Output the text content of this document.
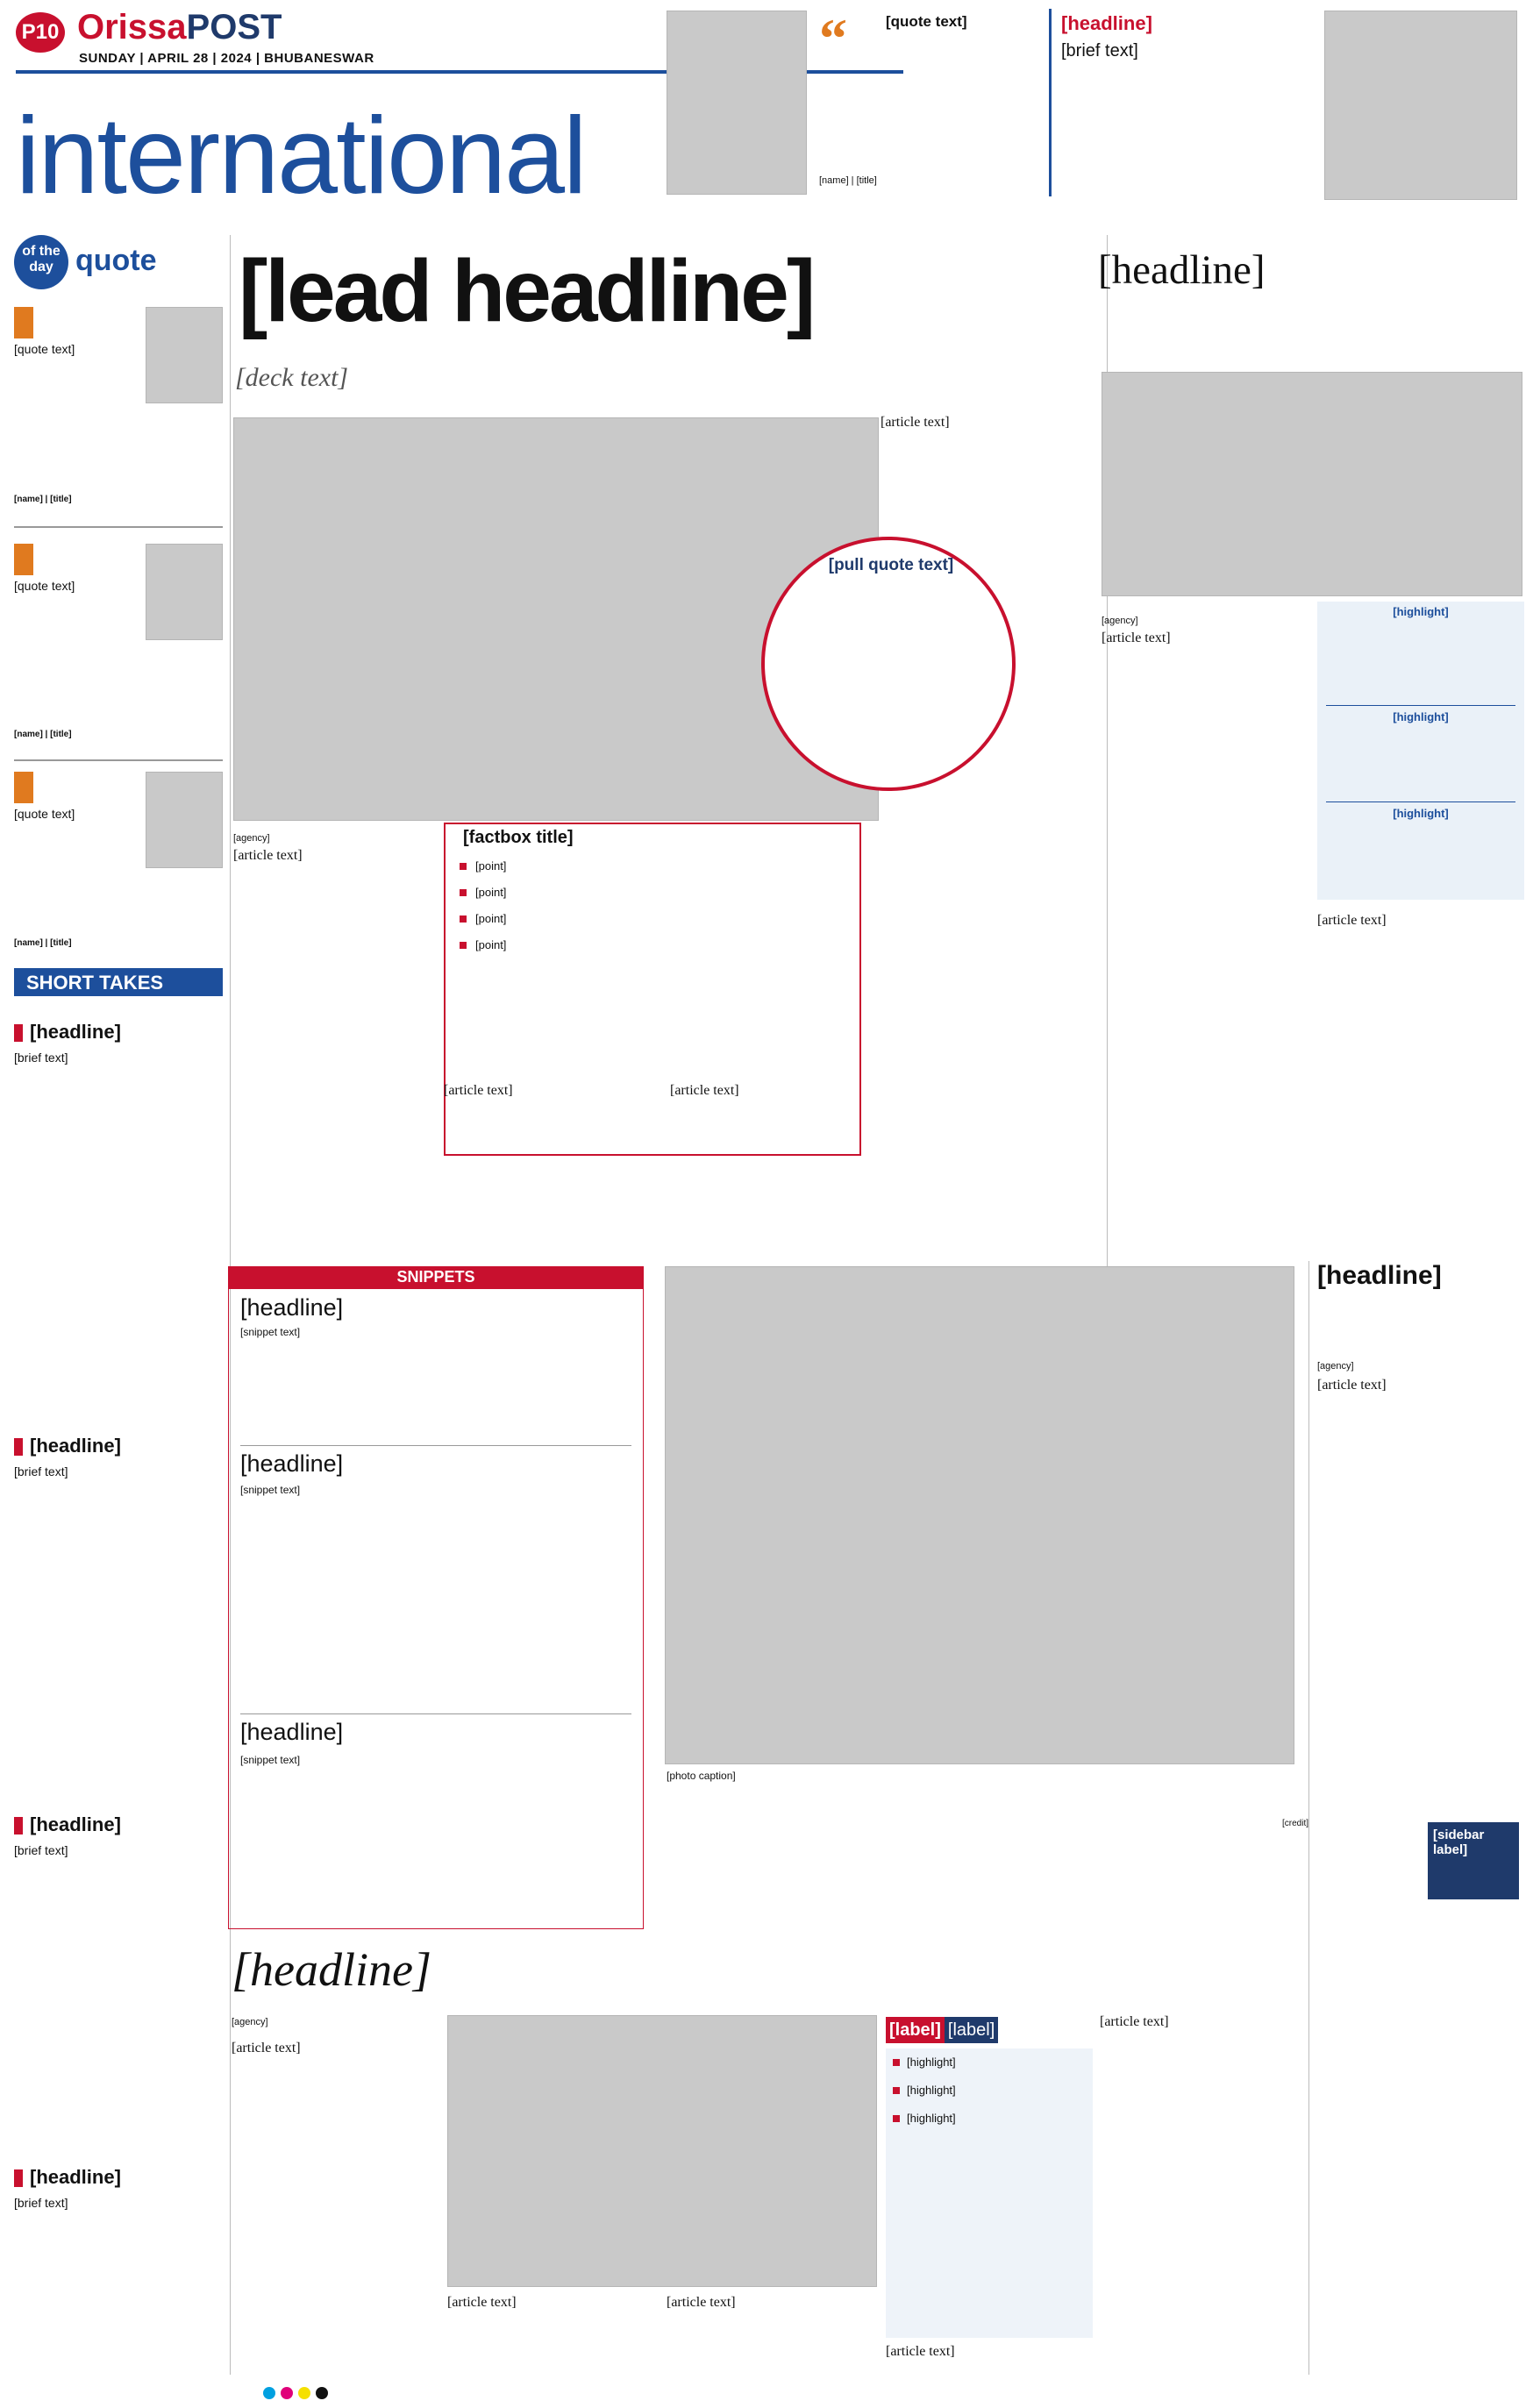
P10 OrissaPOST
SUNDAY | APRIL 28 | 2024 | BHUBANESWAR
international
“	[quote text]
[name] | [title]
[headline]
[brief text]
of the
day quote
[quote text]
[name] | [title]
[quote text]
[name] | [title]
[quote text]
[name] | [title]
SHORT TAKES
[headline]
[brief text]
[headline]
[brief text]
[headline]
[brief text]
[headline]
[brief text]
[lead headline]
[deck text]
[pull quote text]
[agency]
[article text]
[article text]
[factbox title]
[point]
[point]
[point]
[point]
[article text]	[article text]
[headline]
[agency]
[article text]
[highlight]
[highlight]
[highlight]
[article text]
SNIPPETS
[headline]
[snippet text]
[headline]
[snippet text]
[headline]
[snippet text]
[photo caption]
[credit]
[headline]
[agency]
[article text]
[sidebar label]
[headline]
[agency]
[article text]
[article text]	[article text]
[label] [label]
[highlight]
[highlight]
[highlight]
[article text]
[article text]
